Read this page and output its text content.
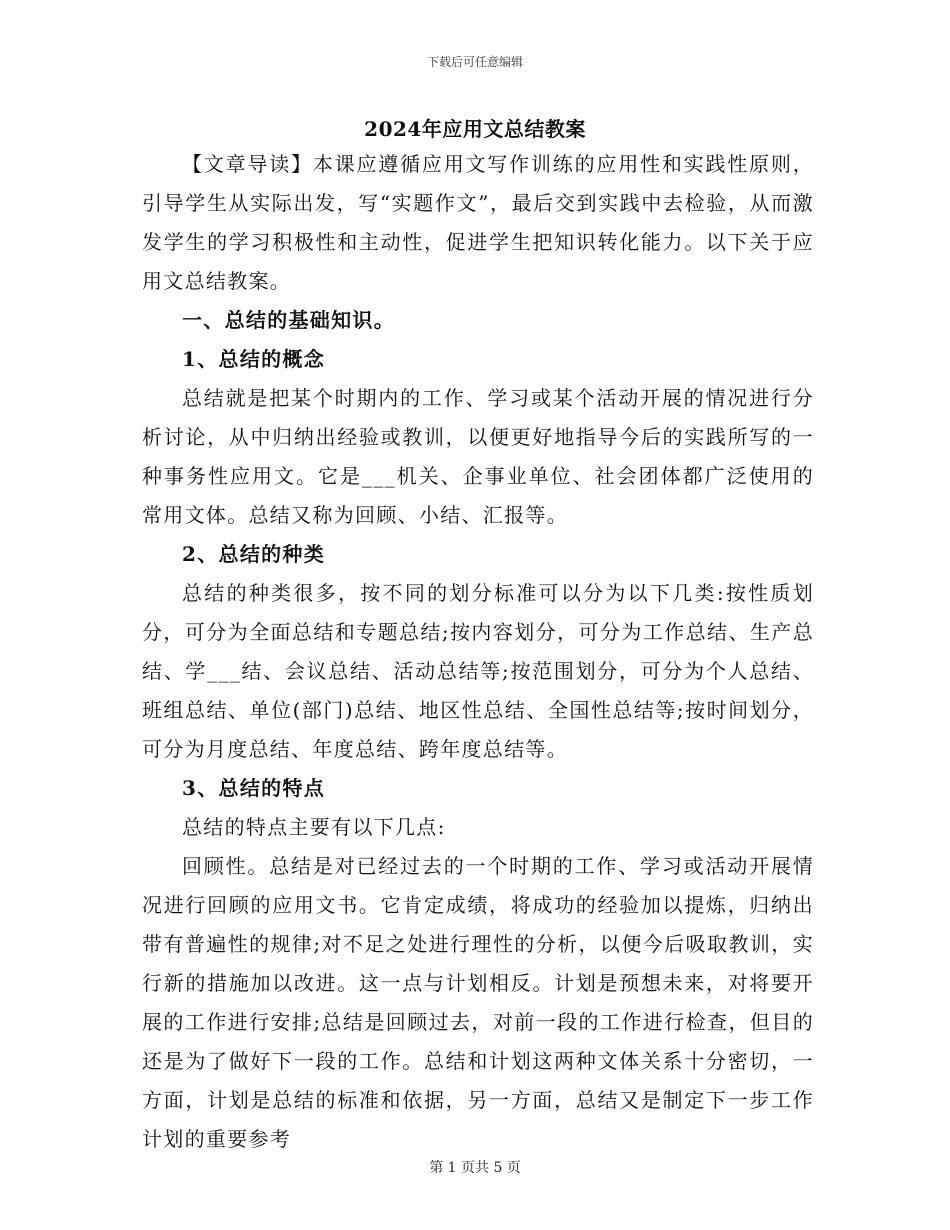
下载后可任意编辑
2024年应用文总结教案

【文章导读】本课应遵循应用文写作训练的应用性和实践性原则，引导学生从实际出发，写“实题作文”，最后交到实践中去检验，从而激发学生的学习积极性和主动性，促进学生把知识转化能力。以下关于应用文总结教案。

一、总结的基础知识。

1、总结的概念

总结就是把某个时期内的工作、学习或某个活动开展的情况进行分析讨论，从中归纳出经验或教训，以便更好地指导今后的实践所写的一种事务性应用文。它是___机关、企事业单位、社会团体都广泛使用的常用文体。总结又称为回顾、小结、汇报等。

2、总结的种类

总结的种类很多，按不同的划分标准可以分为以下几类:按性质划分，可分为全面总结和专题总结;按内容划分，可分为工作总结、生产总结、学___结、会议总结、活动总结等;按范围划分，可分为个人总结、班组总结、单位(部门)总结、地区性总结、全国性总结等;按时间划分，可分为月度总结、年度总结、跨年度总结等。

3、总结的特点

总结的特点主要有以下几点:

回顾性。总结是对已经过去的一个时期的工作、学习或活动开展情况进行回顾的应用文书。它肯定成绩，将成功的经验加以提炼，归纳出带有普遍性的规律;对不足之处进行理性的分析，以便今后吸取教训，实行新的措施加以改进。这一点与计划相反。计划是预想未来，对将要开展的工作进行安排;总结是回顾过去，对前一段的工作进行检查，但目的还是为了做好下一段的工作。总结和计划这两种文体关系十分密切，一方面，计划是总结的标准和依据，另一方面，总结又是制定下一步工作计划的重要参考

第 1 页共 5 页
